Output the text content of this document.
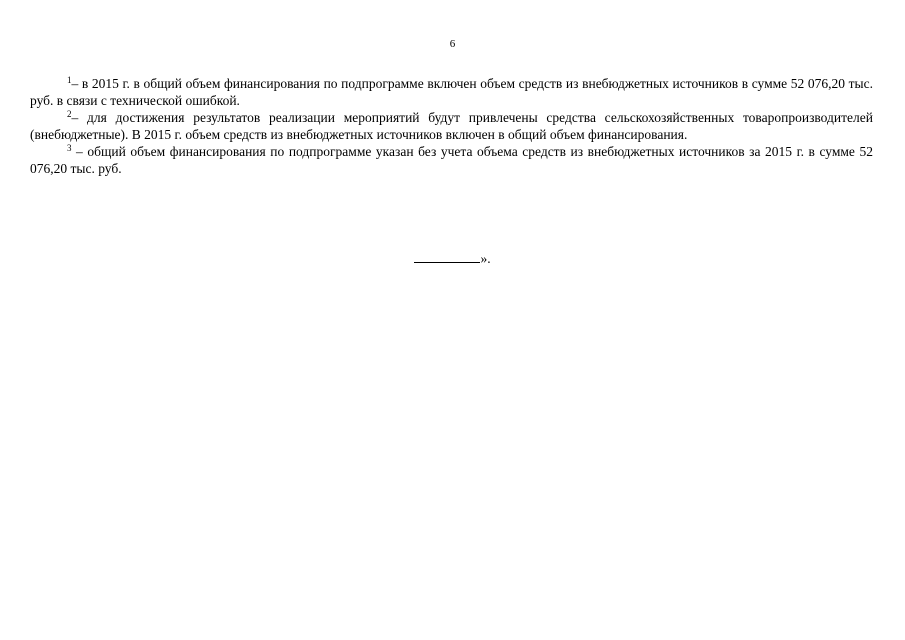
6

$^1$– в 2015 г. в общий объем финансирования по подпрограмме включен объем средств из внебюджетных источников в сумме 52 076,20 тыс. руб. в связи с технической ошибкой.

$^2$– для достижения результатов реализации мероприятий будут привлечены средства сельскохозяйственных товаропроизводителей (внебюджетные). В 2015 г. объем средств из внебюджетных источников включен в общий объем финансирования.

$^3$ – общий объем финансирования по подпрограмме указан без учета объема средств из внебюджетных источников за 2015 г. в сумме 52 076,20 тыс. руб.

».
